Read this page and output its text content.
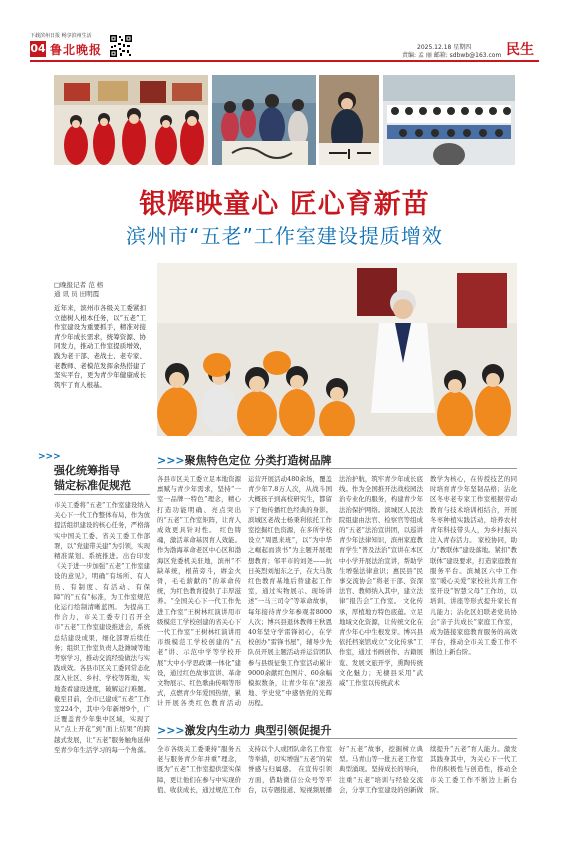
下载滨州日报 畅享滨州生活
04 鲁北晚报	2025.12.18 星期四
责编: 孟 丽 邮箱: sdbwb@163.com 民生
银辉映童心 匠心育新苗
滨州市“五老”工作室建设提质增效
□晚报记者 范 榕
通 讯 员 田明霞
近年来，滨州市各级关工委紧扣立德树人根本任务，以“五老”工作室建设为重要抓手，精准对接青少年成长需求，统筹资源、协同发力，推动工作室提质增效，践为老干部、老战士、老专家、老教师、老模范发挥余热搭建了坚实平台，更为青少年健康成长筑牢了育人根基。
>>>
强化统筹指导
锚定标准促规范
市关工委将“五老”工作室建设纳入关心下一代工作整体布局，作为放提活组织建设的核心任务，严格落实中国关工委、省关工委工作部署，以“党建带关建”为引领，实现精准谋划、系统推进。出台印发《关于进一步加强“五老”工作室建设的意见》，明确“有场所、有人员、有制度、有活动、有保障”的“五有”标准，为工作室规范化运行绘制清晰蓝图。 为提高工作合力，市关工委专门召开全市“五老”工作室建设推进会，系统总结建设成果，细化部署后续任务；组织工作室负责人赴潍城等地考察学习，推动交流经验做法与实践成效。各县市区关工委同常态化深入社区、乡村、学校等阵地，实地查看建设进度，破解运行难题。截至目前，全市已建成“五老”工作室224个，其中今年新增9个，广泛覆盖青少年集中区域，实现了从“点上开花”到“面上结果”的跨越式发展，让“五老”服务触角延伸至青少年生活学习的每一个角落。
>>>聚焦特色定位 分类打造树品牌
各县市区关工委立足本地资源禀赋与青少年需求，坚持“一室一品牌一特色”理念，精心打造功能明确、亮点突出的“五老”工作室矩阵，让育人成效更具针对性。 红色铸魂，激活革命基因育人效能。作为渤海革命老区中心区和渤海区党委机关驻地，滨州“不缺革统，根苗旁斗，赓金火骨，毛毛薪献的”的革命传统，为红色教育提供了丰厚滋养。“全国关心下一代工作先进工作室”王树林红演讲用市级模范工学校创建的省关心下一代工作室”王树林红演讲用市级模范工学校创建的“五老”讲、示范中学等学校开展“大中小学思政课一体化”建设，通过红色故事宣讲、革命文物展示、红色歌曲传唱等形式，点燃青少年爱国热情，累计开展各类红色教育活动
运营开展活动480余场，覆盖青少年7.8万人次，从战斗国大概孩子到高校研究生，都留下了他传播红色经典的身影。 滨城区老战士杨秉利依托工作室挖掘红色资源，在多所学校设立“周恩来班”，以“为中华之崛起而读书”为主题开展理想教育；邹平市的刘尧——抗日英烈刘旭东之子，在大马敖红色教育基地后替建起工作室，通过实物展示、现场讲述“一马三司令”等革命故事，每年接待青少年参观者8000人次；博兴县退休教师王秋恩40年坚守学雷锋初心，在学校创办“雷锋书屋”，辅导少先队员开展主题活动并运营团队参与县级征集工作室活动累计9000余献红色图片、60余幅模拟数条，让青少年在“滚蒸地、学史党”中感悟党的光辉历程。
法治护航，筑牢青少年成长底线。作为全国推开法战校园法治专业化的服务，构建青少年法治保护网络。滨城区人民法院组建由法官、检察官等组成的“五老”法治宣讲团，以巡讲青少年法律知识，滨州家庭教育学生“普及法治”宣讲在本区中小学开展法治宣讲，帮助学生增强法律意识；惠民县“民事交流协会”将老干部、资深法官、教师纳入其中，建立法律“报告会”工作室。 文化传承，厚植地方特色底蕴。立足地域文化资源，让传统文化在青少年心中生根发芽。博兴县依托档案馆成立“文化传承”工作室，通过书画创作、古籍展览、发展文旅开学，熏陶传统文化魅力；无棣县采用“武威”工作室以传统武术
教学为核心，在传授技艺的同时培育青少年坚韧品格；沾化区冬枣老专家工作室根据劳动教育与技术培训相结合，开展冬枣种植实践活动，培养农村青年科技带头人，为乡村振兴注入青春活力。 家校协同，助力“教联体”建设落地。紧扣“教联体”建设要求，打造家庭教育服务平台。滨城区六中工作室“暖心关爱”家校社共育工作室开设“智慧父母”工作坊，以培训、讲座等形式提升家长育儿能力；沾化区妇联老党员协会“亲子共成长”家庭工作室，成为链接家庭教育服务的高效平台，推动全市关工委工作不断边上新台阶。
>>>激发内生动力 典型引领促提升
全市各级关工委秉持“服务五老与服务青少年并重”理念，既为“五老”工作室提供坚实保障，更让他们在参与中实现价值、收获成长，通过规范工作
支持以个人或团队命名工作室等举措，切实增强“五老”的荣誉感与归属感。 在宣传引领方面，借助微信公众号等平台，以专题报道、短视频展播
好“五老”故事，挖掘树立典型。马青山等一批五老工作室典型涌现。坚持成长的导向，注重“五老”培训与经验交流会，分享工作室建设的创新做
续提升“五老”育人能力。激发其践身其中，为关心下一代工作的积极性与创造性，推动全市关工委工作不断边上新台阶。
